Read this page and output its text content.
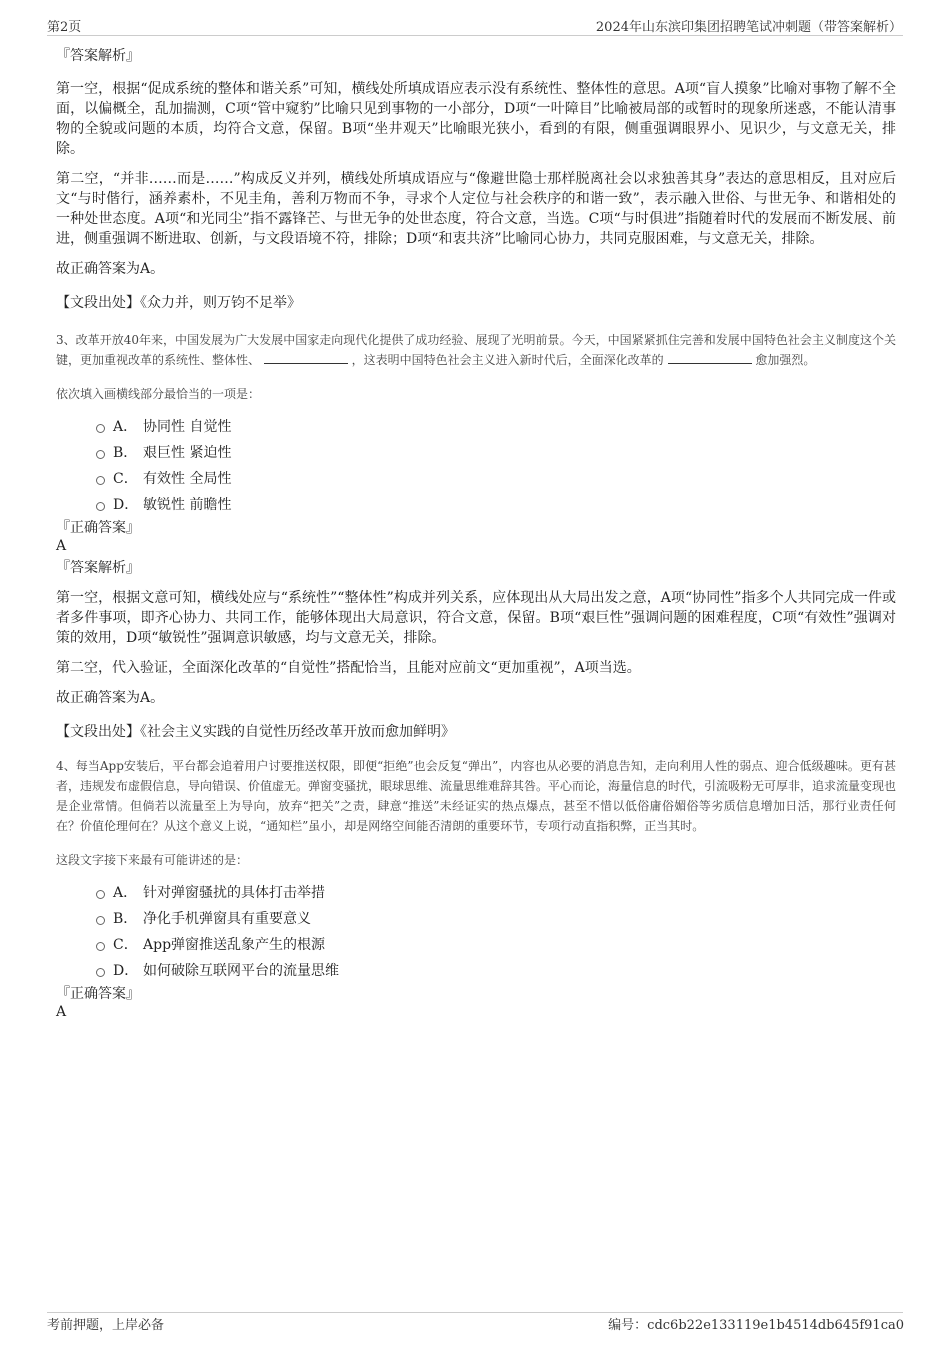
第2页	2024年山东滨印集团招聘笔试冲刺题（带答案解析）

『答案解析』

第一空，根据“促成系统的整体和谐关系”可知，横线处所填成语应表示没有系统性、整体性的意思。A项“盲人摸象”比喻对事物了解不全面，以偏概全，乱加揣测，C项“管中窥豹”比喻只见到事物的一小部分，D项“一叶障目”比喻被局部的或暂时的现象所迷惑，不能认清事物的全貌或问题的本质，均符合文意，保留。B项“坐井观天”比喻眼光狭小，看到的有限，侧重强调眼界小、见识少，与文意无关，排除。

第二空，“并非……而是……”构成反义并列，横线处所填成语应与“像避世隐士那样脱离社会以求独善其身”表达的意思相反，且对应后文“与时偕行，涵养素朴，不见圭角，善利万物而不争，寻求个人定位与社会秩序的和谐一致”，表示融入世俗、与世无争、和谐相处的一种处世态度。A项“和光同尘”指不露锋芒、与世无争的处世态度，符合文意，当选。C项“与时俱进”指随着时代的发展而不断发展、前进，侧重强调不断进取、创新，与文段语境不符，排除；D项“和衷共济”比喻同心协力，共同克服困难，与文意无关，排除。

故正确答案为A。

【文段出处】《众力并，则万钧不足举》

3、改革开放40年来，中国发展为广大发展中国家走向现代化提供了成功经验、展现了光明前景。今天，中国紧紧抓住完善和发展中国特色社会主义制度这个关键，更加重视改革的系统性、整体性、	，这表明中国特色社会主义进入新时代后，全面深化改革的	愈加强烈。

依次填入画横线部分最恰当的一项是：

A． 协同性 自觉性
B． 艰巨性 紧迫性
C． 有效性 全局性
D． 敏锐性 前瞻性

『正确答案』

A

『答案解析』

第一空，根据文意可知，横线处应与“系统性”“整体性”构成并列关系，应体现出从大局出发之意，A项“协同性”指多个人共同完成一件或者多件事项，即齐心协力、共同工作，能够体现出大局意识，符合文意，保留。B项“艰巨性”强调问题的困难程度，C项“有效性”强调对策的效用，D项“敏锐性”强调意识敏感，均与文意无关，排除。

第二空，代入验证，全面深化改革的“自觉性”搭配恰当，且能对应前文“更加重视”，A项当选。

故正确答案为A。

【文段出处】《社会主义实践的自觉性历经改革开放而愈加鲜明》

4、每当App安装后，平台都会追着用户讨要推送权限，即便“拒绝”也会反复“弹出”，内容也从必要的消息告知，走向利用人性的弱点、迎合低级趣味。更有甚者，违规发布虚假信息，导向错误、价值虚无。弹窗变骚扰，眼球思维、流量思维难辞其咎。平心而论，海量信息的时代，引流吸粉无可厚非，追求流量变现也是企业常情。但倘若以流量至上为导向，放弃“把关”之责，肆意“推送”未经证实的热点爆点，甚至不惜以低俗庸俗媚俗等劣质信息增加日活，那行业责任何在？价值伦理何在？从这个意义上说，“通知栏”虽小，却是网络空间能否清朗的重要环节，专项行动直指积弊，正当其时。

这段文字接下来最有可能讲述的是：

A． 针对弹窗骚扰的具体打击举措
B． 净化手机弹窗具有重要意义
C． App弹窗推送乱象产生的根源
D． 如何破除互联网平台的流量思维

『正确答案』

A

考前押题，上岸必备	编号：cdc6b22e133119e1b4514db645f91ca0
